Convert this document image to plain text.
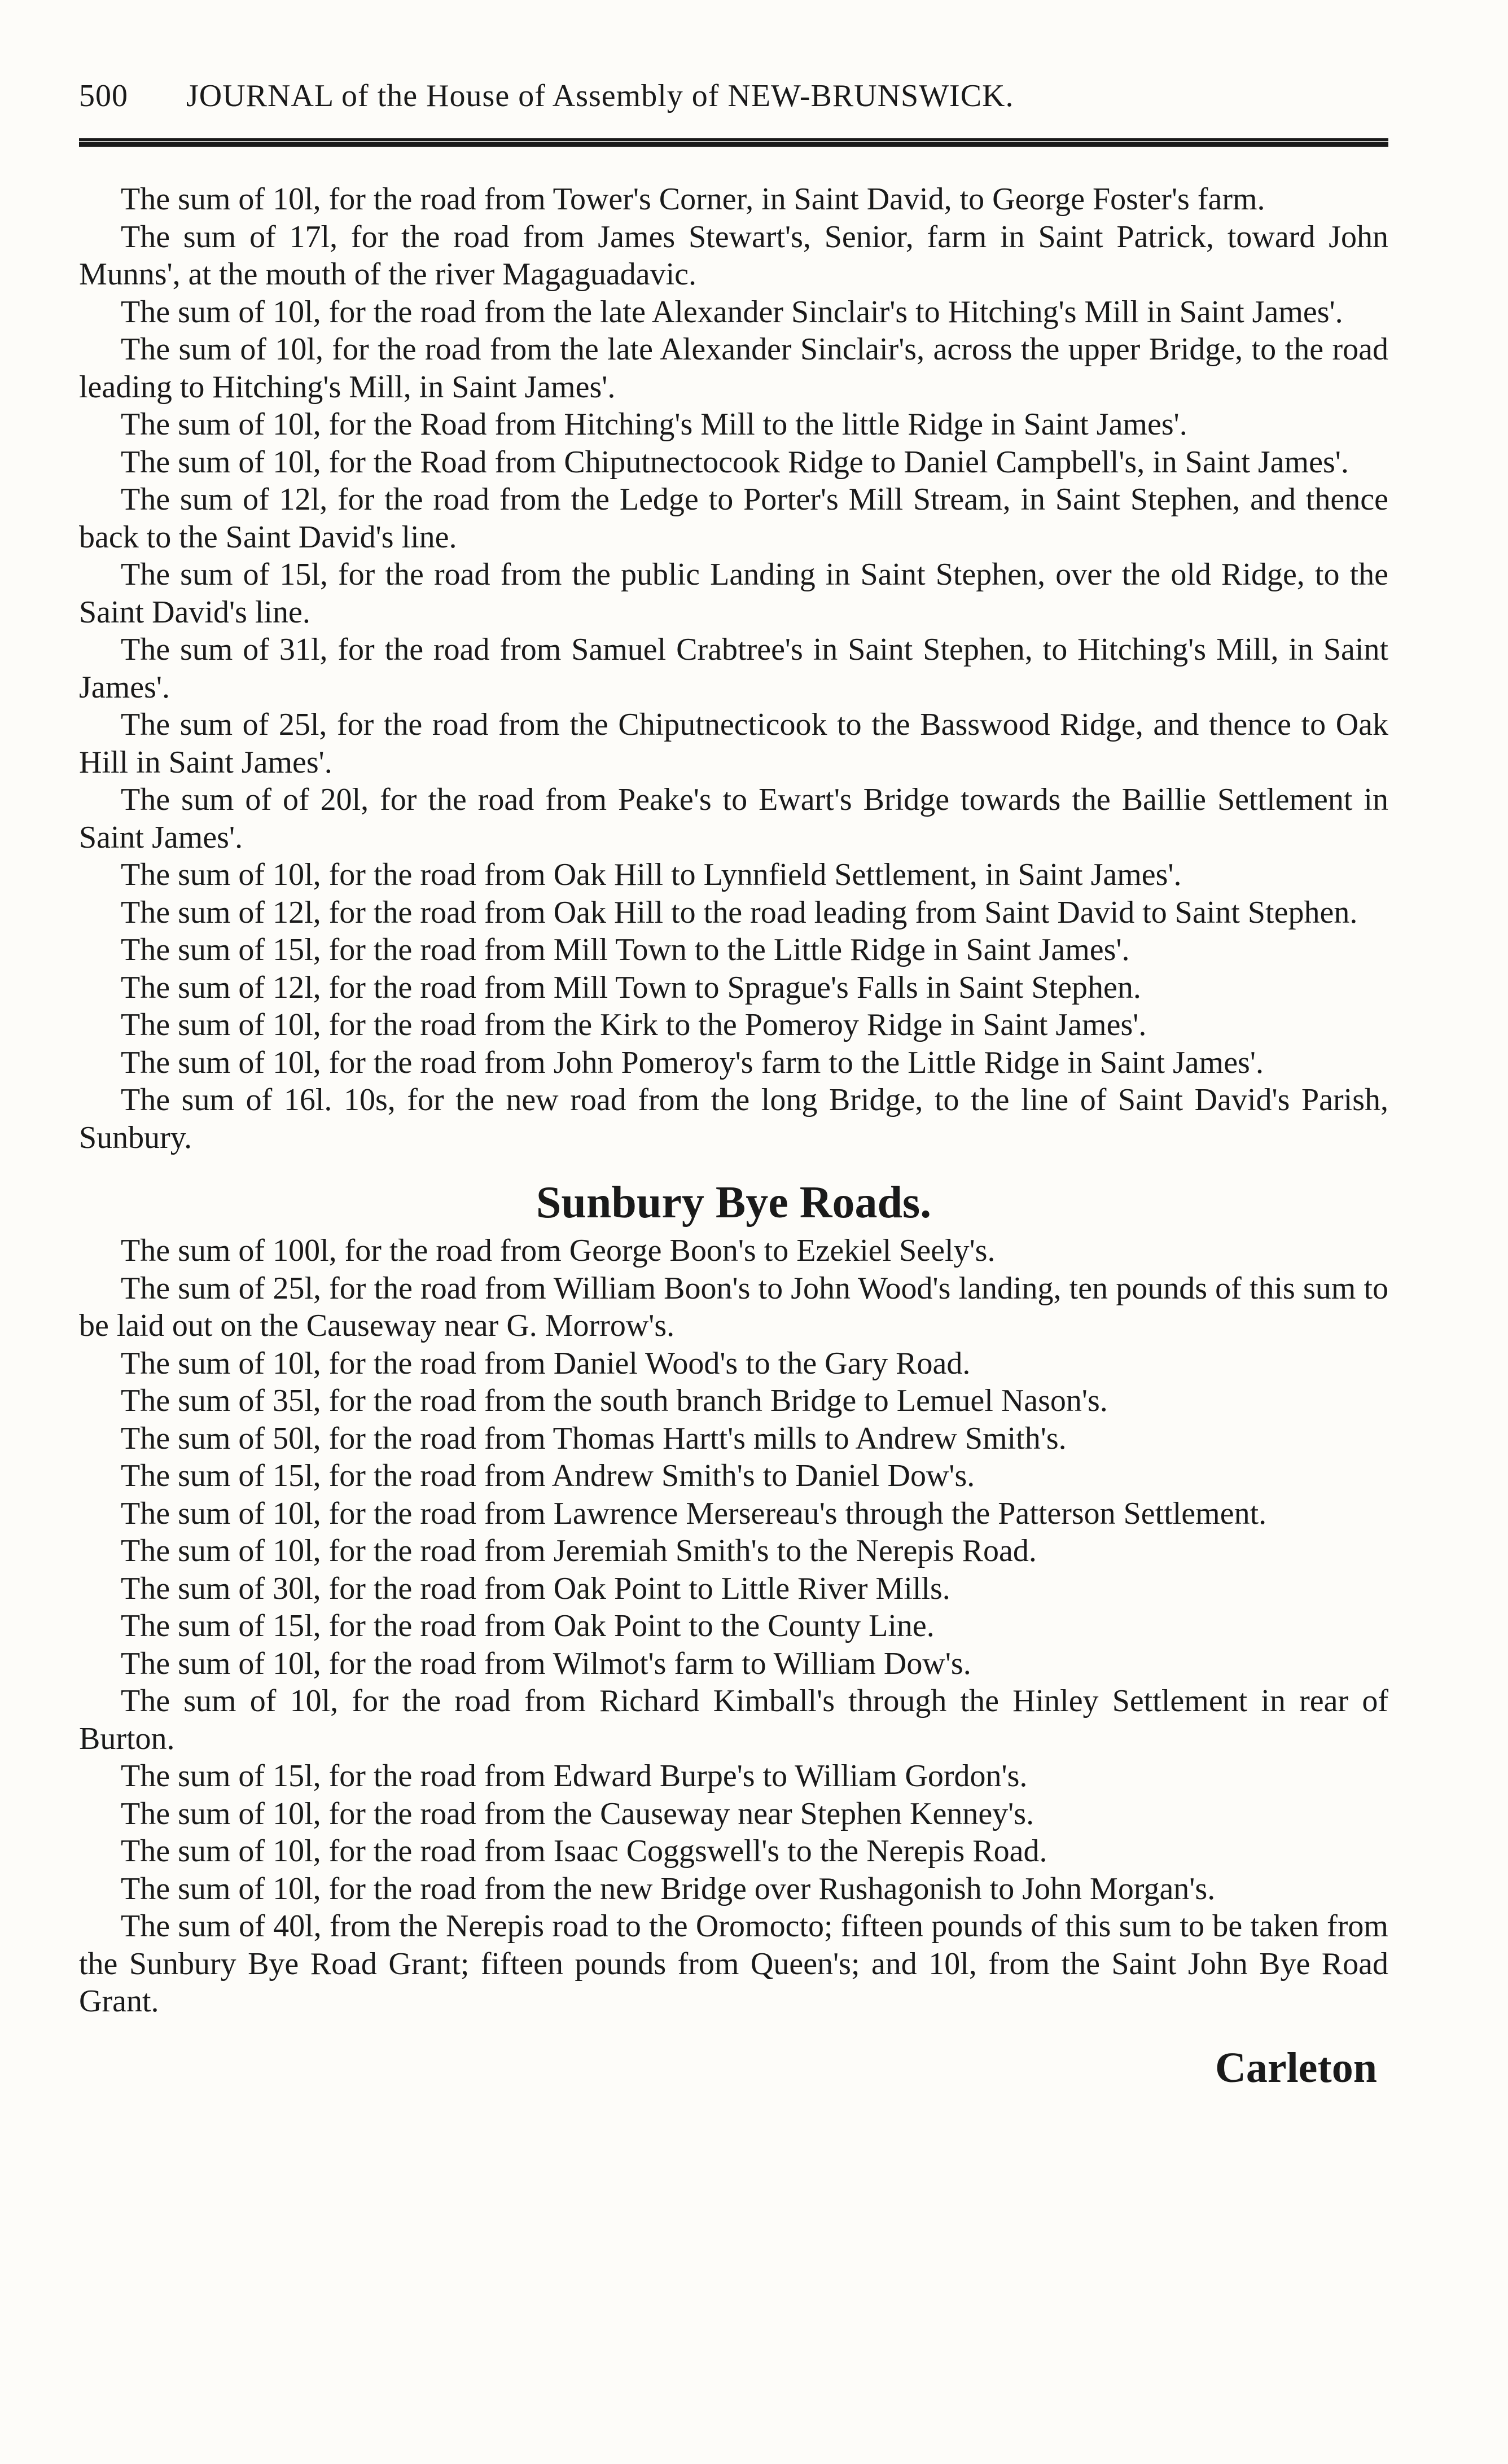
500 JOURNAL of the House of Assembly of NEW-BRUNSWICK.

The sum of 10l, for the road from Tower's Corner, in Saint David, to George Foster's farm.

The sum of 17l, for the road from James Stewart's, Senior, farm in Saint Patrick, toward John Munns', at the mouth of the river Magaguadavic.

The sum of 10l, for the road from the late Alexander Sinclair's to Hitching's Mill in Saint James'.

The sum of 10l, for the road from the late Alexander Sinclair's, across the upper Bridge, to the road leading to Hitching's Mill, in Saint James'.

The sum of 10l, for the Road from Hitching's Mill to the little Ridge in Saint James'.

The sum of 10l, for the Road from Chiputnectocook Ridge to Daniel Campbell's, in Saint James'.

The sum of 12l, for the road from the Ledge to Porter's Mill Stream, in Saint Stephen, and thence back to the Saint David's line.

The sum of 15l, for the road from the public Landing in Saint Stephen, over the old Ridge, to the Saint David's line.

The sum of 31l, for the road from Samuel Crabtree's in Saint Stephen, to Hitching's Mill, in Saint James'.

The sum of 25l, for the road from the Chiputnecticook to the Basswood Ridge, and thence to Oak Hill in Saint James'.

The sum of of 20l, for the road from Peake's to Ewart's Bridge towards the Baillie Settlement in Saint James'.

The sum of 10l, for the road from Oak Hill to Lynnfield Settlement, in Saint James'.

The sum of 12l, for the road from Oak Hill to the road leading from Saint David to Saint Stephen.

The sum of 15l, for the road from Mill Town to the Little Ridge in Saint James'.

The sum of 12l, for the road from Mill Town to Sprague's Falls in Saint Stephen.

The sum of 10l, for the road from the Kirk to the Pomeroy Ridge in Saint James'.

The sum of 10l, for the road from John Pomeroy's farm to the Little Ridge in Saint James'.

The sum of 16l. 10s, for the new road from the long Bridge, to the line of Saint David's Parish, Sunbury.

Sunbury Bye Roads.

The sum of 100l, for the road from George Boon's to Ezekiel Seely's.

The sum of 25l, for the road from William Boon's to John Wood's landing, ten pounds of this sum to be laid out on the Causeway near G. Morrow's.

The sum of 10l, for the road from Daniel Wood's to the Gary Road.

The sum of 35l, for the road from the south branch Bridge to Lemuel Nason's.

The sum of 50l, for the road from Thomas Hartt's mills to Andrew Smith's.

The sum of 15l, for the road from Andrew Smith's to Daniel Dow's.

The sum of 10l, for the road from Lawrence Mersereau's through the Patterson Settlement.

The sum of 10l, for the road from Jeremiah Smith's to the Nerepis Road.

The sum of 30l, for the road from Oak Point to Little River Mills.

The sum of 15l, for the road from Oak Point to the County Line.

The sum of 10l, for the road from Wilmot's farm to William Dow's.

The sum of 10l, for the road from Richard Kimball's through the Hinley Settlement in rear of Burton.

The sum of 15l, for the road from Edward Burpe's to William Gordon's.

The sum of 10l, for the road from the Causeway near Stephen Kenney's.

The sum of 10l, for the road from Isaac Coggswell's to the Nerepis Road.

The sum of 10l, for the road from the new Bridge over Rushagonish to John Morgan's.

The sum of 40l, from the Nerepis road to the Oromocto; fifteen pounds of this sum to be taken from the Sunbury Bye Road Grant; fifteen pounds from Queen's; and 10l, from the Saint John Bye Road Grant.

Carleton
